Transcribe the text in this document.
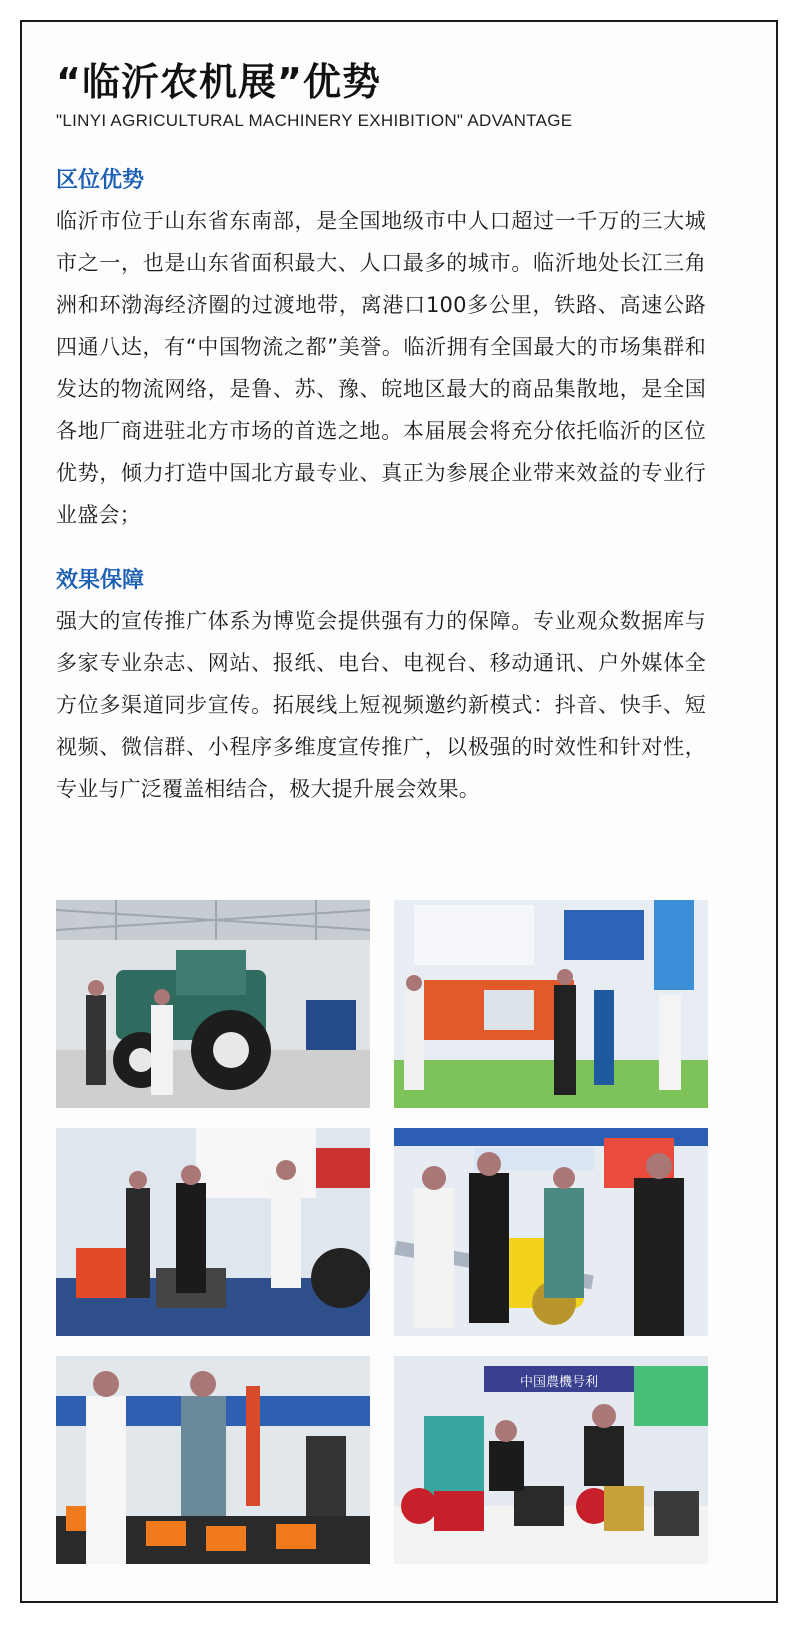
“临沂农机展”优势
"LINYI AGRICULTURAL MACHINERY EXHIBITION" ADVANTAGE
区位优势
临沂市位于山东省东南部，是全国地级市中人口超过一千万的三大城市之一，也是山东省面积最大、人口最多的城市。临沂地处长江三角洲和环渤海经济圈的过渡地带，离港口100多公里，铁路、高速公路四通八达，有“中国物流之都”美誉。临沂拥有全国最大的市场集群和发达的物流网络，是鲁、苏、豫、皖地区最大的商品集散地，是全国各地厂商进驻北方市场的首选之地。本届展会将充分依托临沂的区位优势，倾力打造中国北方最专业、真正为参展企业带来效益的专业行业盛会；
效果保障
强大的宣传推广体系为博览会提供强有力的保障。专业观众数据库与多家专业杂志、网站、报纸、电台、电视台、移动通讯、户外媒体全方位多渠道同步宣传。拓展线上短视频邀约新模式：抖音、快手、短视频、微信群、小程序多维度宣传推广，以极强的时效性和针对性，专业与广泛覆盖相结合，极大提升展会效果。
中国農機号利
